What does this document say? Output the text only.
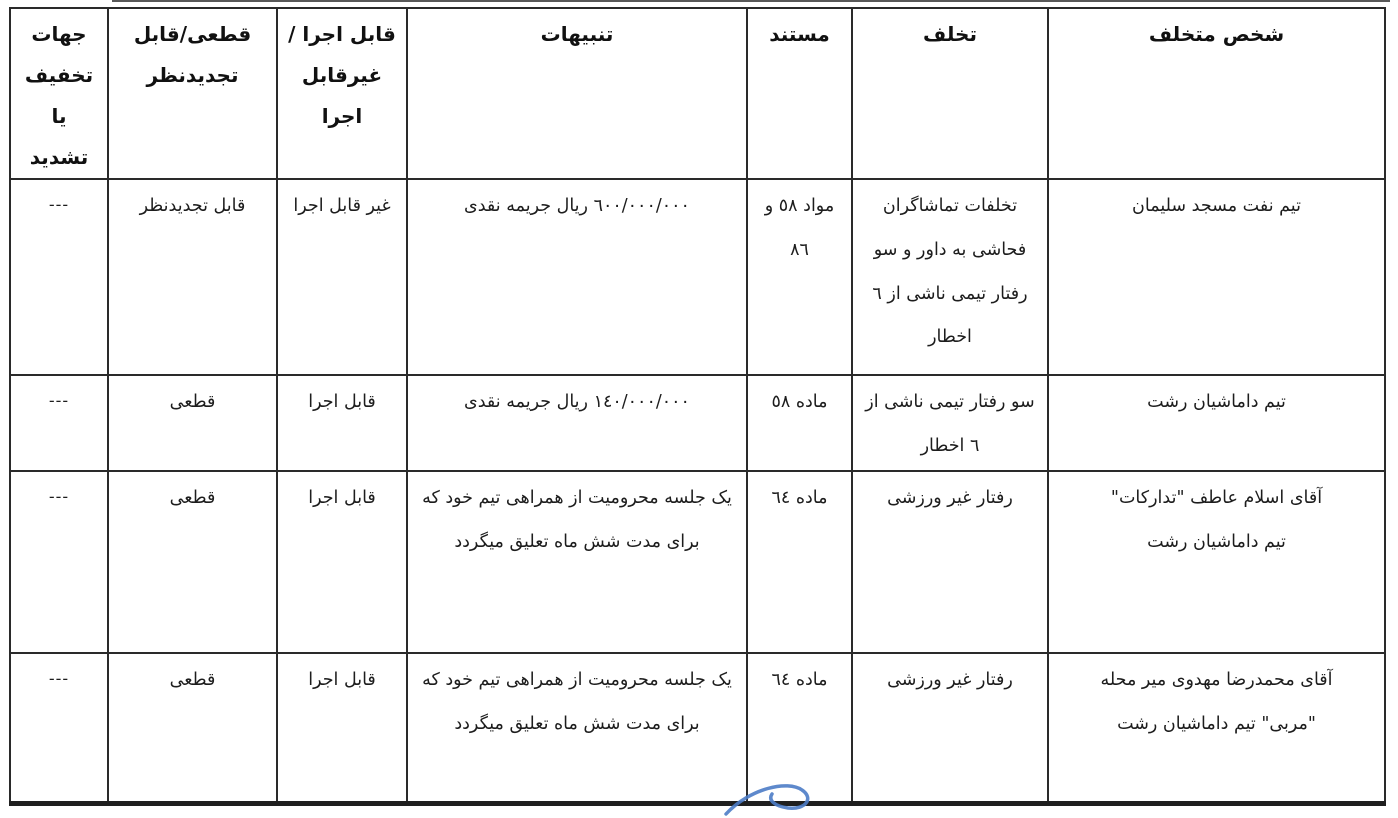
شخص متخلف	تخلف	مستند	تنبیهات	قابل اجرا /غیرقابل اجرا	قطعی/قابل تجدیدنظر	جهات تخفیف یا تشدید
تیم نفت مسجد سلیمان	تخلفات تماشاگران فحاشی به داور و سو رفتار تیمی ناشی از ٦ اخطار	مواد ٥٨ و ٨٦	٦٠٠/٠٠٠/٠٠٠ ریال جریمه نقدی	غیر قابل اجرا	قابل تجدیدنظر	---
تیم داماشیان رشت	سو رفتار تیمی ناشی از ٦ اخطار	ماده ٥٨	١٤٠/٠٠٠/٠٠٠ ریال جریمه نقدی	قابل اجرا	قطعی	---
آقای اسلام عاطف "تدارکات" تیم داماشیان رشت	رفتار غیر ورزشی	ماده ٦٤	یک جلسه محرومیت از همراهی تیم خود که برای مدت شش ماه تعلیق میگردد	قابل اجرا	قطعی	---
آقای محمدرضا مهدوی میر محله "مربی" تیم داماشیان رشت	رفتار غیر ورزشی	ماده ٦٤	یک جلسه محرومیت از همراهی تیم خود که برای مدت شش ماه تعلیق میگردد	قابل اجرا	قطعی	---
